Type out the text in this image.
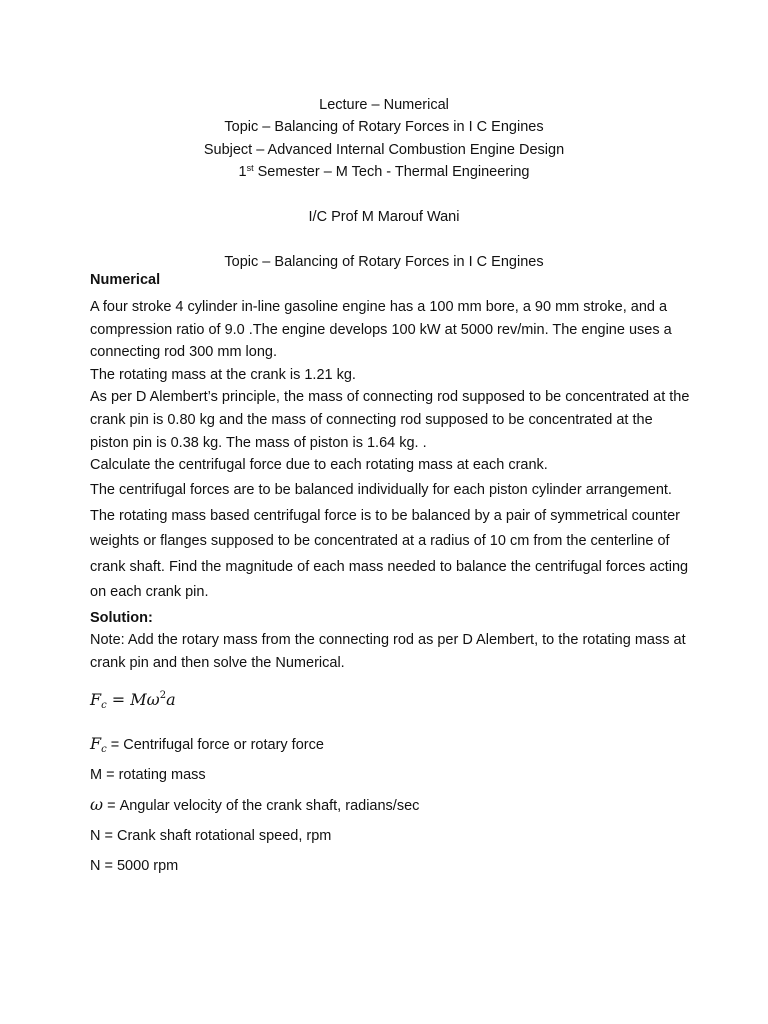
Lecture – Numerical
Topic – Balancing of Rotary Forces in I C Engines
Subject – Advanced Internal Combustion Engine Design
1st Semester – M Tech - Thermal Engineering
I/C Prof M Marouf Wani
Topic – Balancing of Rotary Forces in I C Engines
Numerical
A four stroke 4 cylinder in-line gasoline engine has a 100 mm bore, a 90 mm stroke, and a compression ratio of 9.0 .The engine develops 100 kW at 5000 rev/min. The engine uses a connecting rod 300 mm long.
The rotating mass at the crank is 1.21 kg.
As per D Alembert’s principle, the mass of connecting rod supposed to be concentrated at the crank pin is 0.80 kg and the mass of connecting rod supposed to be concentrated at the piston pin is 0.38 kg. The mass of piston is 1.64 kg. .
Calculate the centrifugal force due to each rotating mass at each crank.
The centrifugal forces are to be balanced individually for each piston cylinder arrangement.
The rotating mass based centrifugal force is to be balanced by a pair of symmetrical counter weights or flanges supposed to be concentrated at a radius of 10 cm from the centerline of crank shaft. Find the magnitude of each mass needed to balance the centrifugal forces acting on each crank pin.
Solution:
Note: Add the rotary mass from the connecting rod as per D Alembert, to the rotating mass at crank pin and then solve the Numerical.
$F_c = M\omega^2a$
$F_c$ = Centrifugal force or rotary force
M = rotating mass
ω = Angular velocity of the crank shaft, radians/sec
N = Crank shaft rotational speed, rpm
N = 5000 rpm
